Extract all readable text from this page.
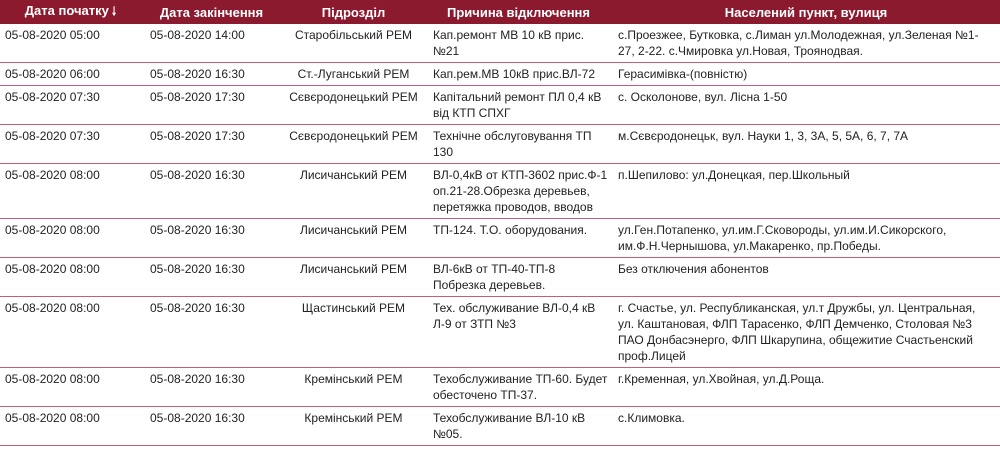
Дата початку 🠓	Дата закінчення	Підрозділ	Причина відключення	Населений пункт, вулиця
05-08-2020 05:00	05-08-2020 14:00	Старобільський РЕМ	Кап.ремонт МВ 10 кВ прис.№21	с.Проезжее, Бутковка, с.Лиман ул.Молодежная, ул.Зеленая №1-27, 2-22. с.Чмировка ул.Новая, Троянодвая.
05-08-2020 06:00	05-08-2020 16:30	Ст.-Луганський РЕМ	Кап.рем.МВ 10кВ прис.ВЛ-72	Герасимівка-(повністю)
05-08-2020 07:30	05-08-2020 17:30	Сєвєродонецький РЕМ	Капітальний ремонт ПЛ 0,4 кВ від КТП СПХГ	с. Осколонове, вул. Лісна 1-50
05-08-2020 07:30	05-08-2020 17:30	Сєвєродонецький РЕМ	Технічне обслуговування ТП 130	м.Сєвєродонецьк, вул. Науки 1, 3, 3А, 5, 5А, 6, 7, 7А
05-08-2020 08:00	05-08-2020 16:30	Лисичанський РЕМ	ВЛ-0,4кВ от КТП-3602 прис.Ф-1 оп.21-28.Обрезка деревьев, перетяжка проводов, вводов	п.Шепилово: ул.Донецкая, пер.Школьный
05-08-2020 08:00	05-08-2020 16:30	Лисичанський РЕМ	ТП-124. Т.О. оборудования.	ул.Ген.Потапенко, ул.им.Г.Сковороды, ул.им.И.Сикорского, им.Ф.Н.Чернышова, ул.Макаренко, пр.Победы.
05-08-2020 08:00	05-08-2020 16:30	Лисичанський РЕМ	ВЛ-6кВ от ТП-40-ТП-8 Побрезка деревьев.	Без отключения абонентов
05-08-2020 08:00	05-08-2020 16:30	Щастинський РЕМ	Тех. обслуживание ВЛ-0,4 кВ Л-9 от ЗТП №3	г. Счастье, ул. Республиканская, ул.т Дружбы, ул. Центральная, ул. Каштановая, ФЛП Тарасенко, ФЛП Демченко, Столовая №3 ПАО Донбасэнерго, ФЛП Шкарупина, общежитие Счастьенский проф.Лицей
05-08-2020 08:00	05-08-2020 16:30	Кремінський РЕМ	Техобслуживание ТП-60. Будет обесточено ТП-37.	г.Кременная, ул.Хвойная, ул.Д.Роща.
05-08-2020 08:00	05-08-2020 16:30	Кремінський РЕМ	Техобслуживание ВЛ-10 кВ №05.	с.Климовка.
